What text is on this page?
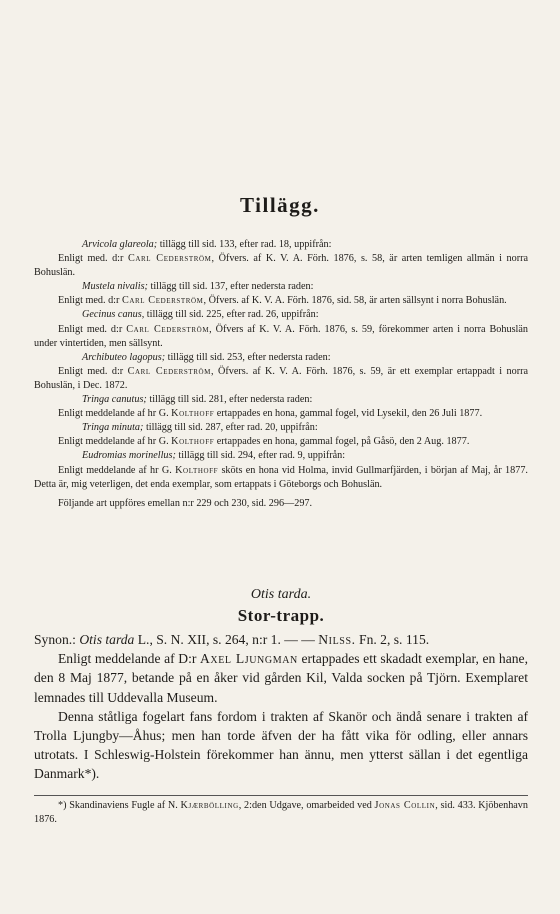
Tillägg.

Arvicola glareola; tillägg till sid. 133, efter rad. 18, uppifrån:

Enligt med. d:r Carl Cederström, Öfvers. af K. V. A. Förh. 1876, s. 58, är arten temligen allmän i norra Bohuslän.

Mustela nivalis; tillägg till sid. 137, efter nedersta raden:

Enligt med. d:r Carl Cederström, Öfvers. af K. V. A. Förh. 1876, sid. 58, är arten sällsynt i norra Bohuslän.

Gecinus canus, tillägg till sid. 225, efter rad. 26, uppifrån:

Enligt med. d:r Carl Cederström, Öfvers af K. V. A. Förh. 1876, s. 59, förekommer arten i norra Bohuslän under vintertiden, men sällsynt.

Archibuteo lagopus; tillägg till sid. 253, efter nedersta raden:

Enligt med. d:r Carl Cederström, Öfvers. af K. V. A. Förh. 1876, s. 59, är ett exemplar ertappadt i norra Bohuslän, i Dec. 1872.

Tringa canutus; tillägg till sid. 281, efter nedersta raden:

Enligt meddelande af hr G. Kolthoff ertappades en hona, gammal fogel, vid Lysekil, den 26 Juli 1877.

Tringa minuta; tillägg till sid. 287, efter rad. 20, uppifrån:

Enligt meddelande af hr G. Kolthoff ertappades en hona, gammal fogel, på Gåsö, den 2 Aug. 1877.

Eudromias morinellus; tillägg till sid. 294, efter rad. 9, uppifrån:

Enligt meddelande af hr G. Kolthoff sköts en hona vid Holma, invid Gullmarfjärden, i början af Maj, år 1877. Detta är, mig veterligen, det enda exemplar, som ertappats i Göteborgs och Bohuslän.

Följande art uppföres emellan n:r 229 och 230, sid. 296—297.

Otis tarda.
Stor-trapp.

Synon.: Otis tarda L., S. N. XII, s. 264, n:r 1. — — Nilss. Fn. 2, s. 115.

Enligt meddelande af D:r Axel Ljungman ertappades ett skadadt exemplar, en hane, den 8 Maj 1877, betande på en åker vid gården Kil, Valda socken på Tjörn. Exemplaret lemnades till Uddevalla Museum.

Denna ståtliga fogelart fans fordom i trakten af Skanör och ändå senare i trakten af Trolla Ljungby—Åhus; men han torde äfven der ha fått vika för odling, eller annars utrotats. I Schleswig-Holstein förekommer han ännu, men ytterst sällan i det egentliga Danmark*).

*) Skandinaviens Fugle af N. Kjærbölling, 2:den Udgave, omarbeided ved Jonas Collin, sid. 433. Kjöbenhavn 1876.
